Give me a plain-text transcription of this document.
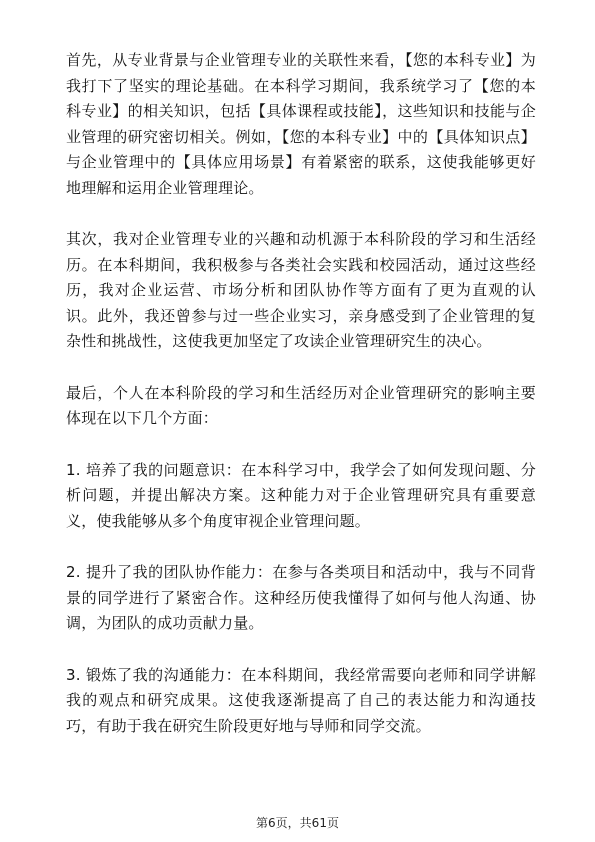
首先，从专业背景与企业管理专业的关联性来看，【您的本科专业】为我打下了坚实的理论基础。在本科学习期间，我系统学习了【您的本科专业】的相关知识，包括【具体课程或技能】，这些知识和技能与企业管理的研究密切相关。例如，【您的本科专业】中的【具体知识点】与企业管理中的【具体应用场景】有着紧密的联系，这使我能够更好地理解和运用企业管理理论。

其次，我对企业管理专业的兴趣和动机源于本科阶段的学习和生活经历。在本科期间，我积极参与各类社会实践和校园活动，通过这些经历，我对企业运营、市场分析和团队协作等方面有了更为直观的认识。此外，我还曾参与过一些企业实习，亲身感受到了企业管理的复杂性和挑战性，这使我更加坚定了攻读企业管理研究生的决心。

最后，个人在本科阶段的学习和生活经历对企业管理研究的影响主要体现在以下几个方面：

1. 培养了我的问题意识：在本科学习中，我学会了如何发现问题、分析问题，并提出解决方案。这种能力对于企业管理研究具有重要意义，使我能够从多个角度审视企业管理问题。

2. 提升了我的团队协作能力：在参与各类项目和活动中，我与不同背景的同学进行了紧密合作。这种经历使我懂得了如何与他人沟通、协调，为团队的成功贡献力量。

3. 锻炼了我的沟通能力：在本科期间，我经常需要向老师和同学讲解我的观点和研究成果。这使我逐渐提高了自己的表达能力和沟通技巧，有助于我在研究生阶段更好地与导师和同学交流。

第6页，共61页
